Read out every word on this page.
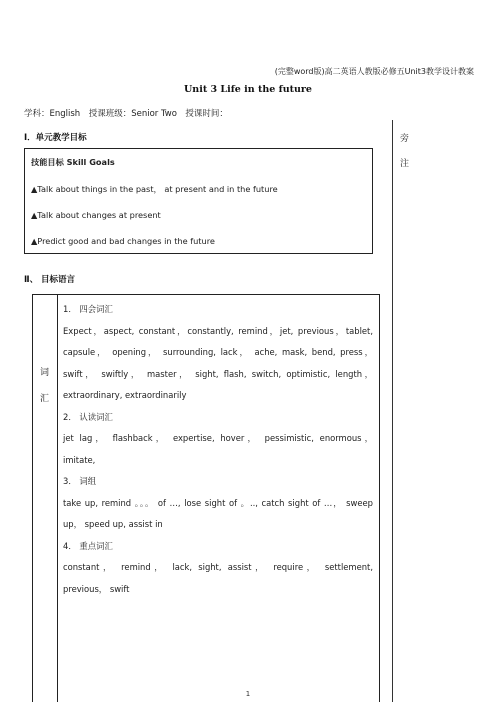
(完整word版)高二英语人教版必修五Unit3教学设计教案
Unit 3 Life in the future
学科：English　授课班级：Senior Two　授课时间：
Ⅰ．单元教学目标	旁
注
技能目标 Skill Goals
▲Talk about things in the past， at present and in the future
▲Talk about changes at present
▲Predict good and bad changes in the future
Ⅱ、 目标语言
词
汇
1． 四会词汇
Expect，aspect, constant，constantly, remind，jet, previous，tablet,
capsule， opening， surrounding, lack， ache, mask, bend, press，
swift， swiftly， master， sight, flash, switch, optimistic, length，
extraordinary, extraordinarily
2． 认读词汇
jet lag， flashback， expertise, hover， pessimistic, enormous，
imitate,
3． 词组
take up, remind 。。。 of …, lose sight of 。.., catch sight of …， sweep
up， speed up, assist in
4． 重点词汇
constant， remind， lack, sight, assist， require， settlement,
previous， swift
1
